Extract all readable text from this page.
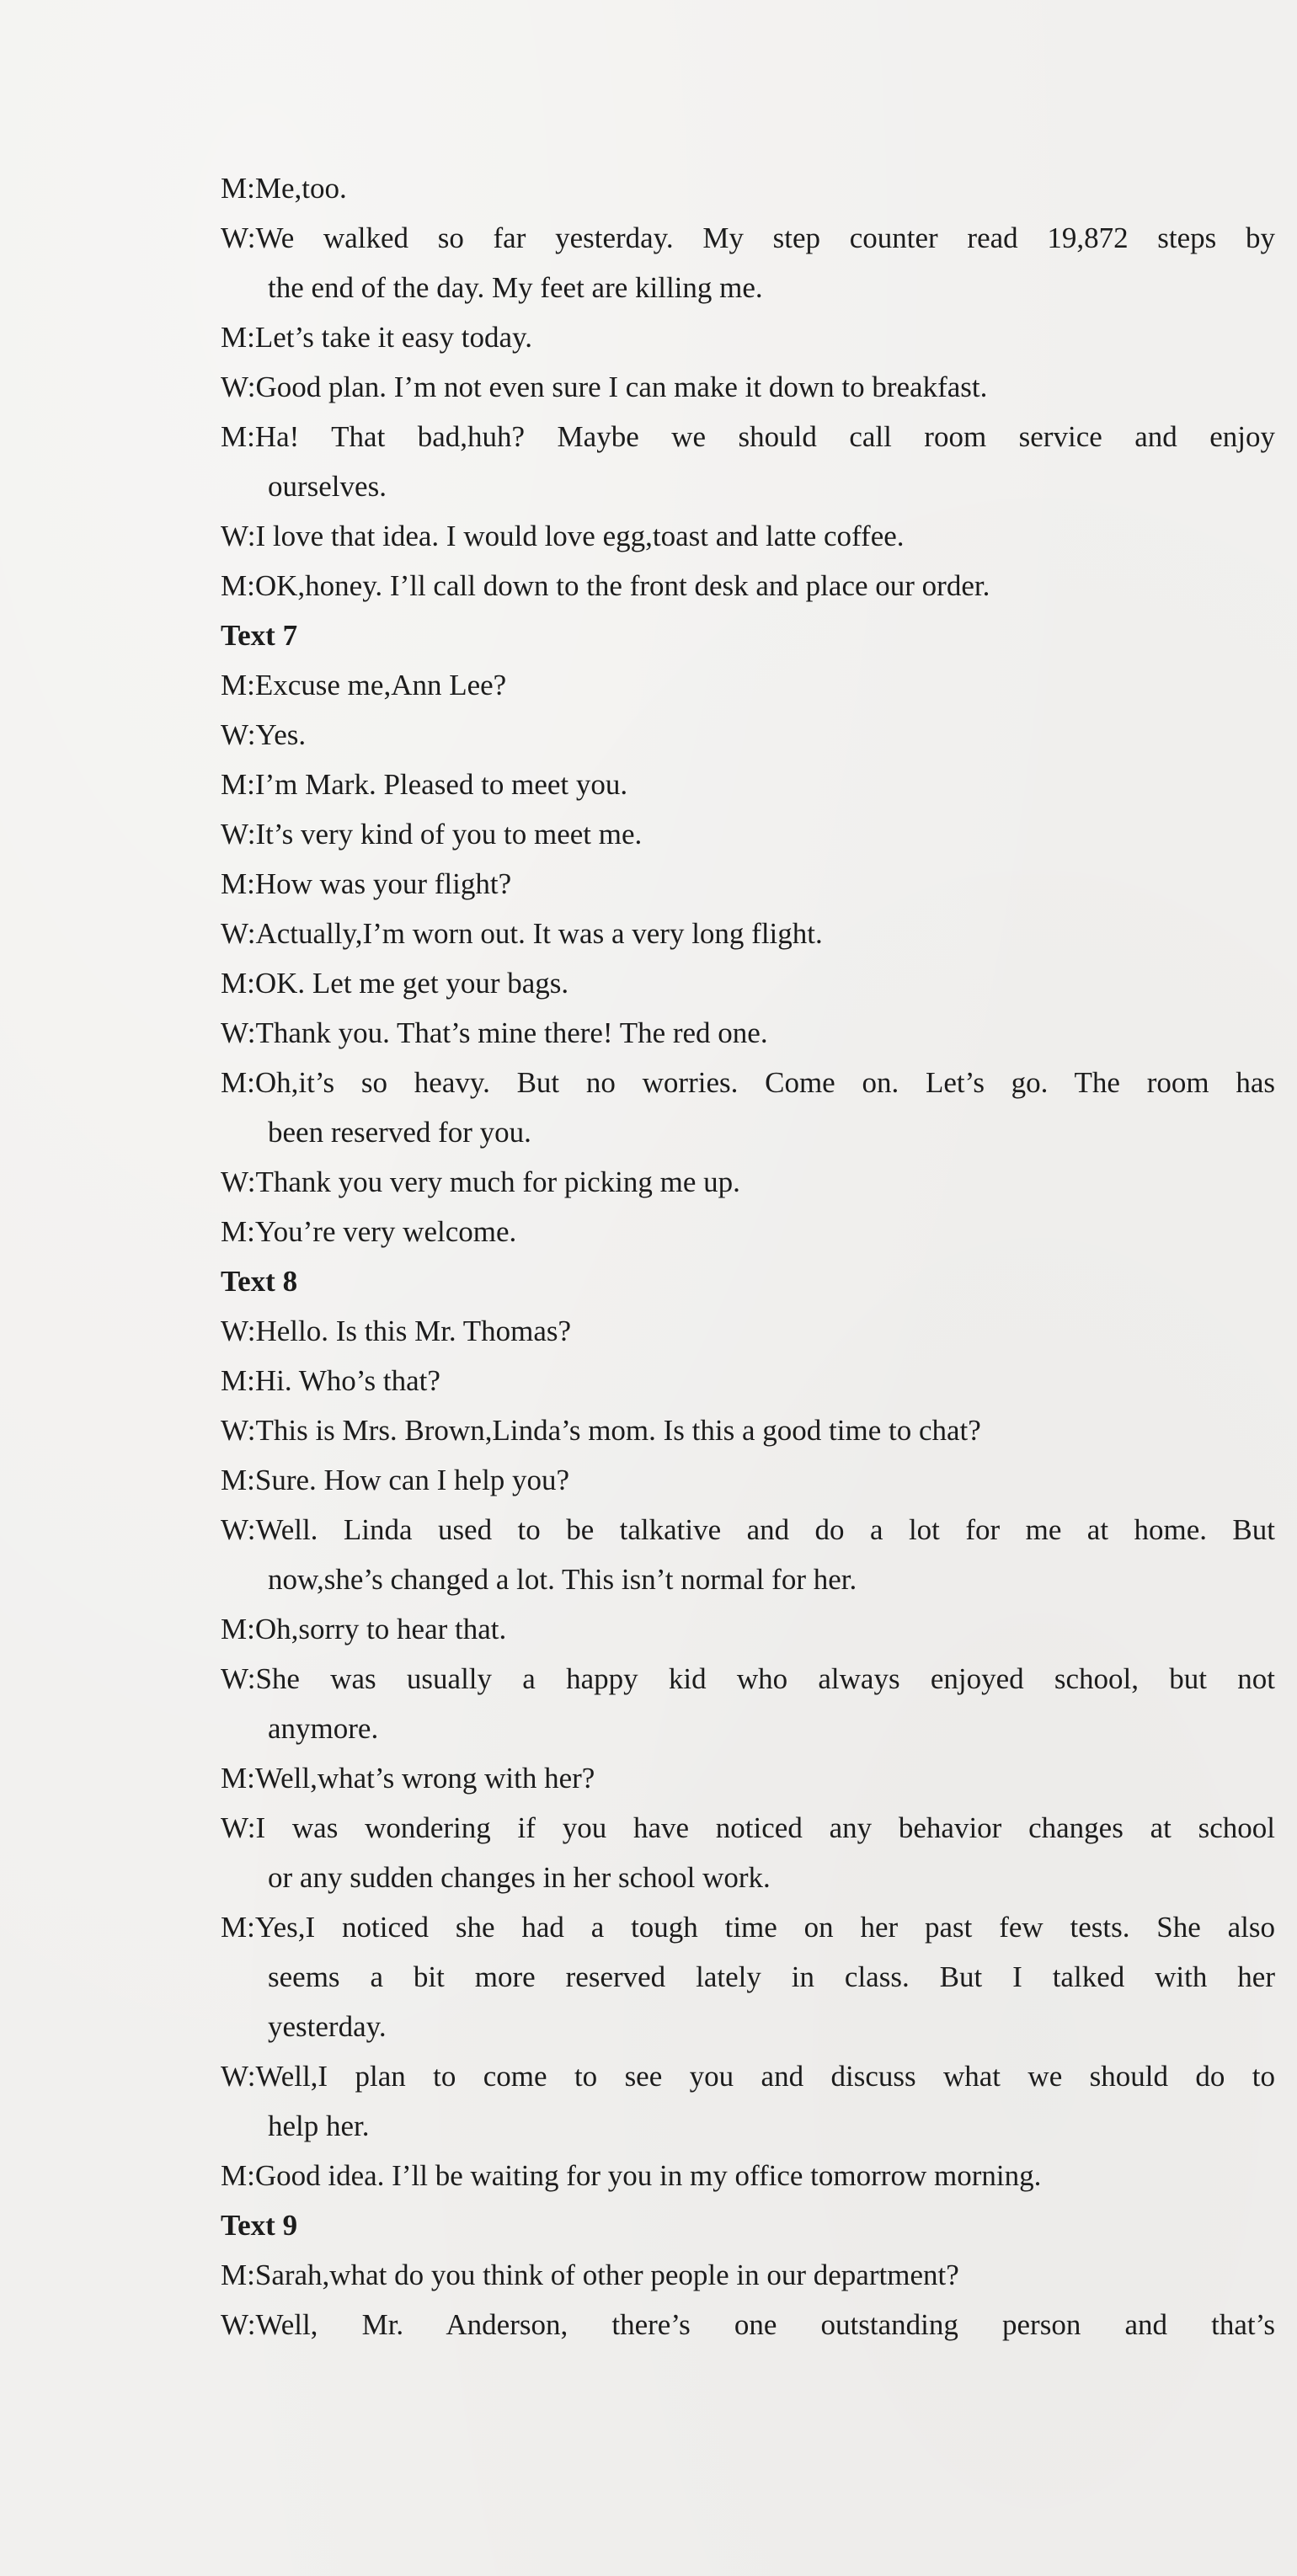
M:Me,too.
W:We walked so far yesterday. My step counter read 19,872 steps by
the end of the day. My feet are killing me.
M:Let’s take it easy today.
W:Good plan. I’m not even sure I can make it down to breakfast.
M:Ha! That bad,huh? Maybe we should call room service and enjoy
ourselves.
W:I love that idea. I would love egg,toast and latte coffee.
M:OK,honey. I’ll call down to the front desk and place our order.
Text 7
M:Excuse me,Ann Lee?
W:Yes.
M:I’m Mark. Pleased to meet you.
W:It’s very kind of you to meet me.
M:How was your flight?
W:Actually,I’m worn out. It was a very long flight.
M:OK. Let me get your bags.
W:Thank you. That’s mine there! The red one.
M:Oh,it’s so heavy. But no worries. Come on. Let’s go. The room has
been reserved for you.
W:Thank you very much for picking me up.
M:You’re very welcome.
Text 8
W:Hello. Is this Mr. Thomas?
M:Hi. Who’s that?
W:This is Mrs. Brown,Linda’s mom. Is this a good time to chat?
M:Sure. How can I help you?
W:Well. Linda used to be talkative and do a lot for me at home. But
now,she’s changed a lot. This isn’t normal for her.
M:Oh,sorry to hear that.
W:She was usually a happy kid who always enjoyed school, but not
anymore.
M:Well,what’s wrong with her?
W:I was wondering if you have noticed any behavior changes at school
or any sudden changes in her school work.
M:Yes,I noticed she had a tough time on her past few tests. She also
seems a bit more reserved lately in class. But I talked with her
yesterday.
W:Well,I plan to come to see you and discuss what we should do to
help her.
M:Good idea. I’ll be waiting for you in my office tomorrow morning.
Text 9
M:Sarah,what do you think of other people in our department?
W:Well, Mr. Anderson, there’s one outstanding person and that’s
